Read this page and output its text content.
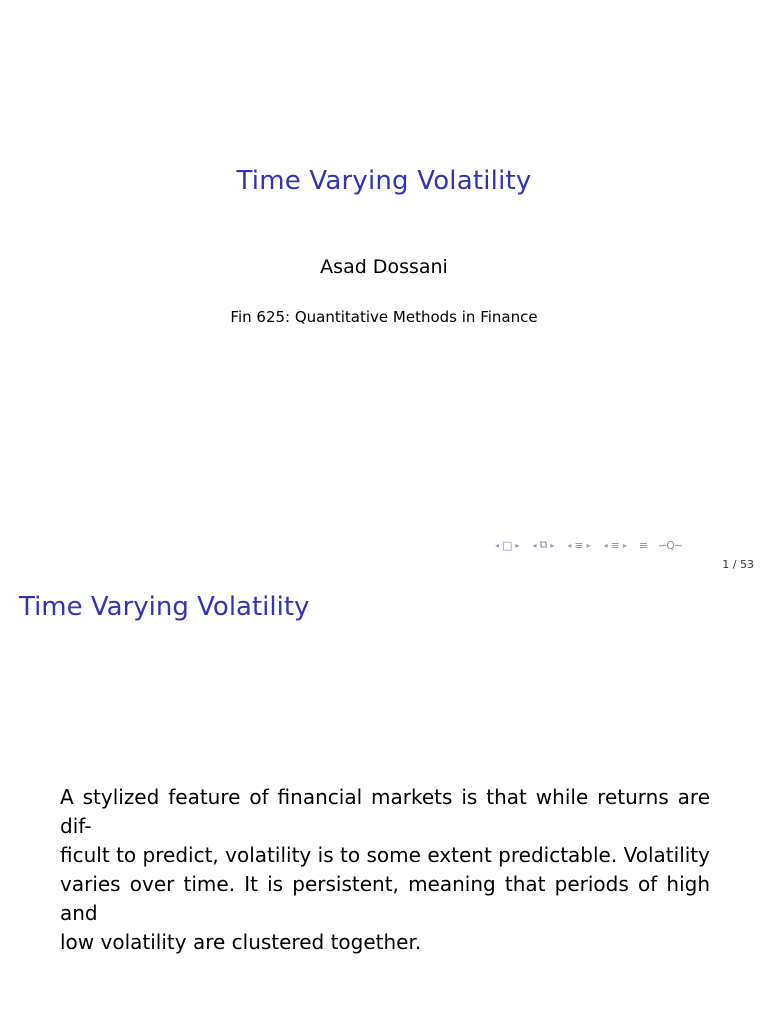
Time Varying Volatility
Asad Dossani
Fin 625: Quantitative Methods in Finance
◂ □ ▸ ◂ ⧉ ▸ ◂ ≡ ▸ ◂ ≡ ▸ ≡ ∽Q∼
1 / 53
Time Varying Volatility
A stylized feature of financial markets is that while returns are dif-
ficult to predict, volatility is to some extent predictable. Volatility
varies over time. It is persistent, meaning that periods of high and
low volatility are clustered together.
